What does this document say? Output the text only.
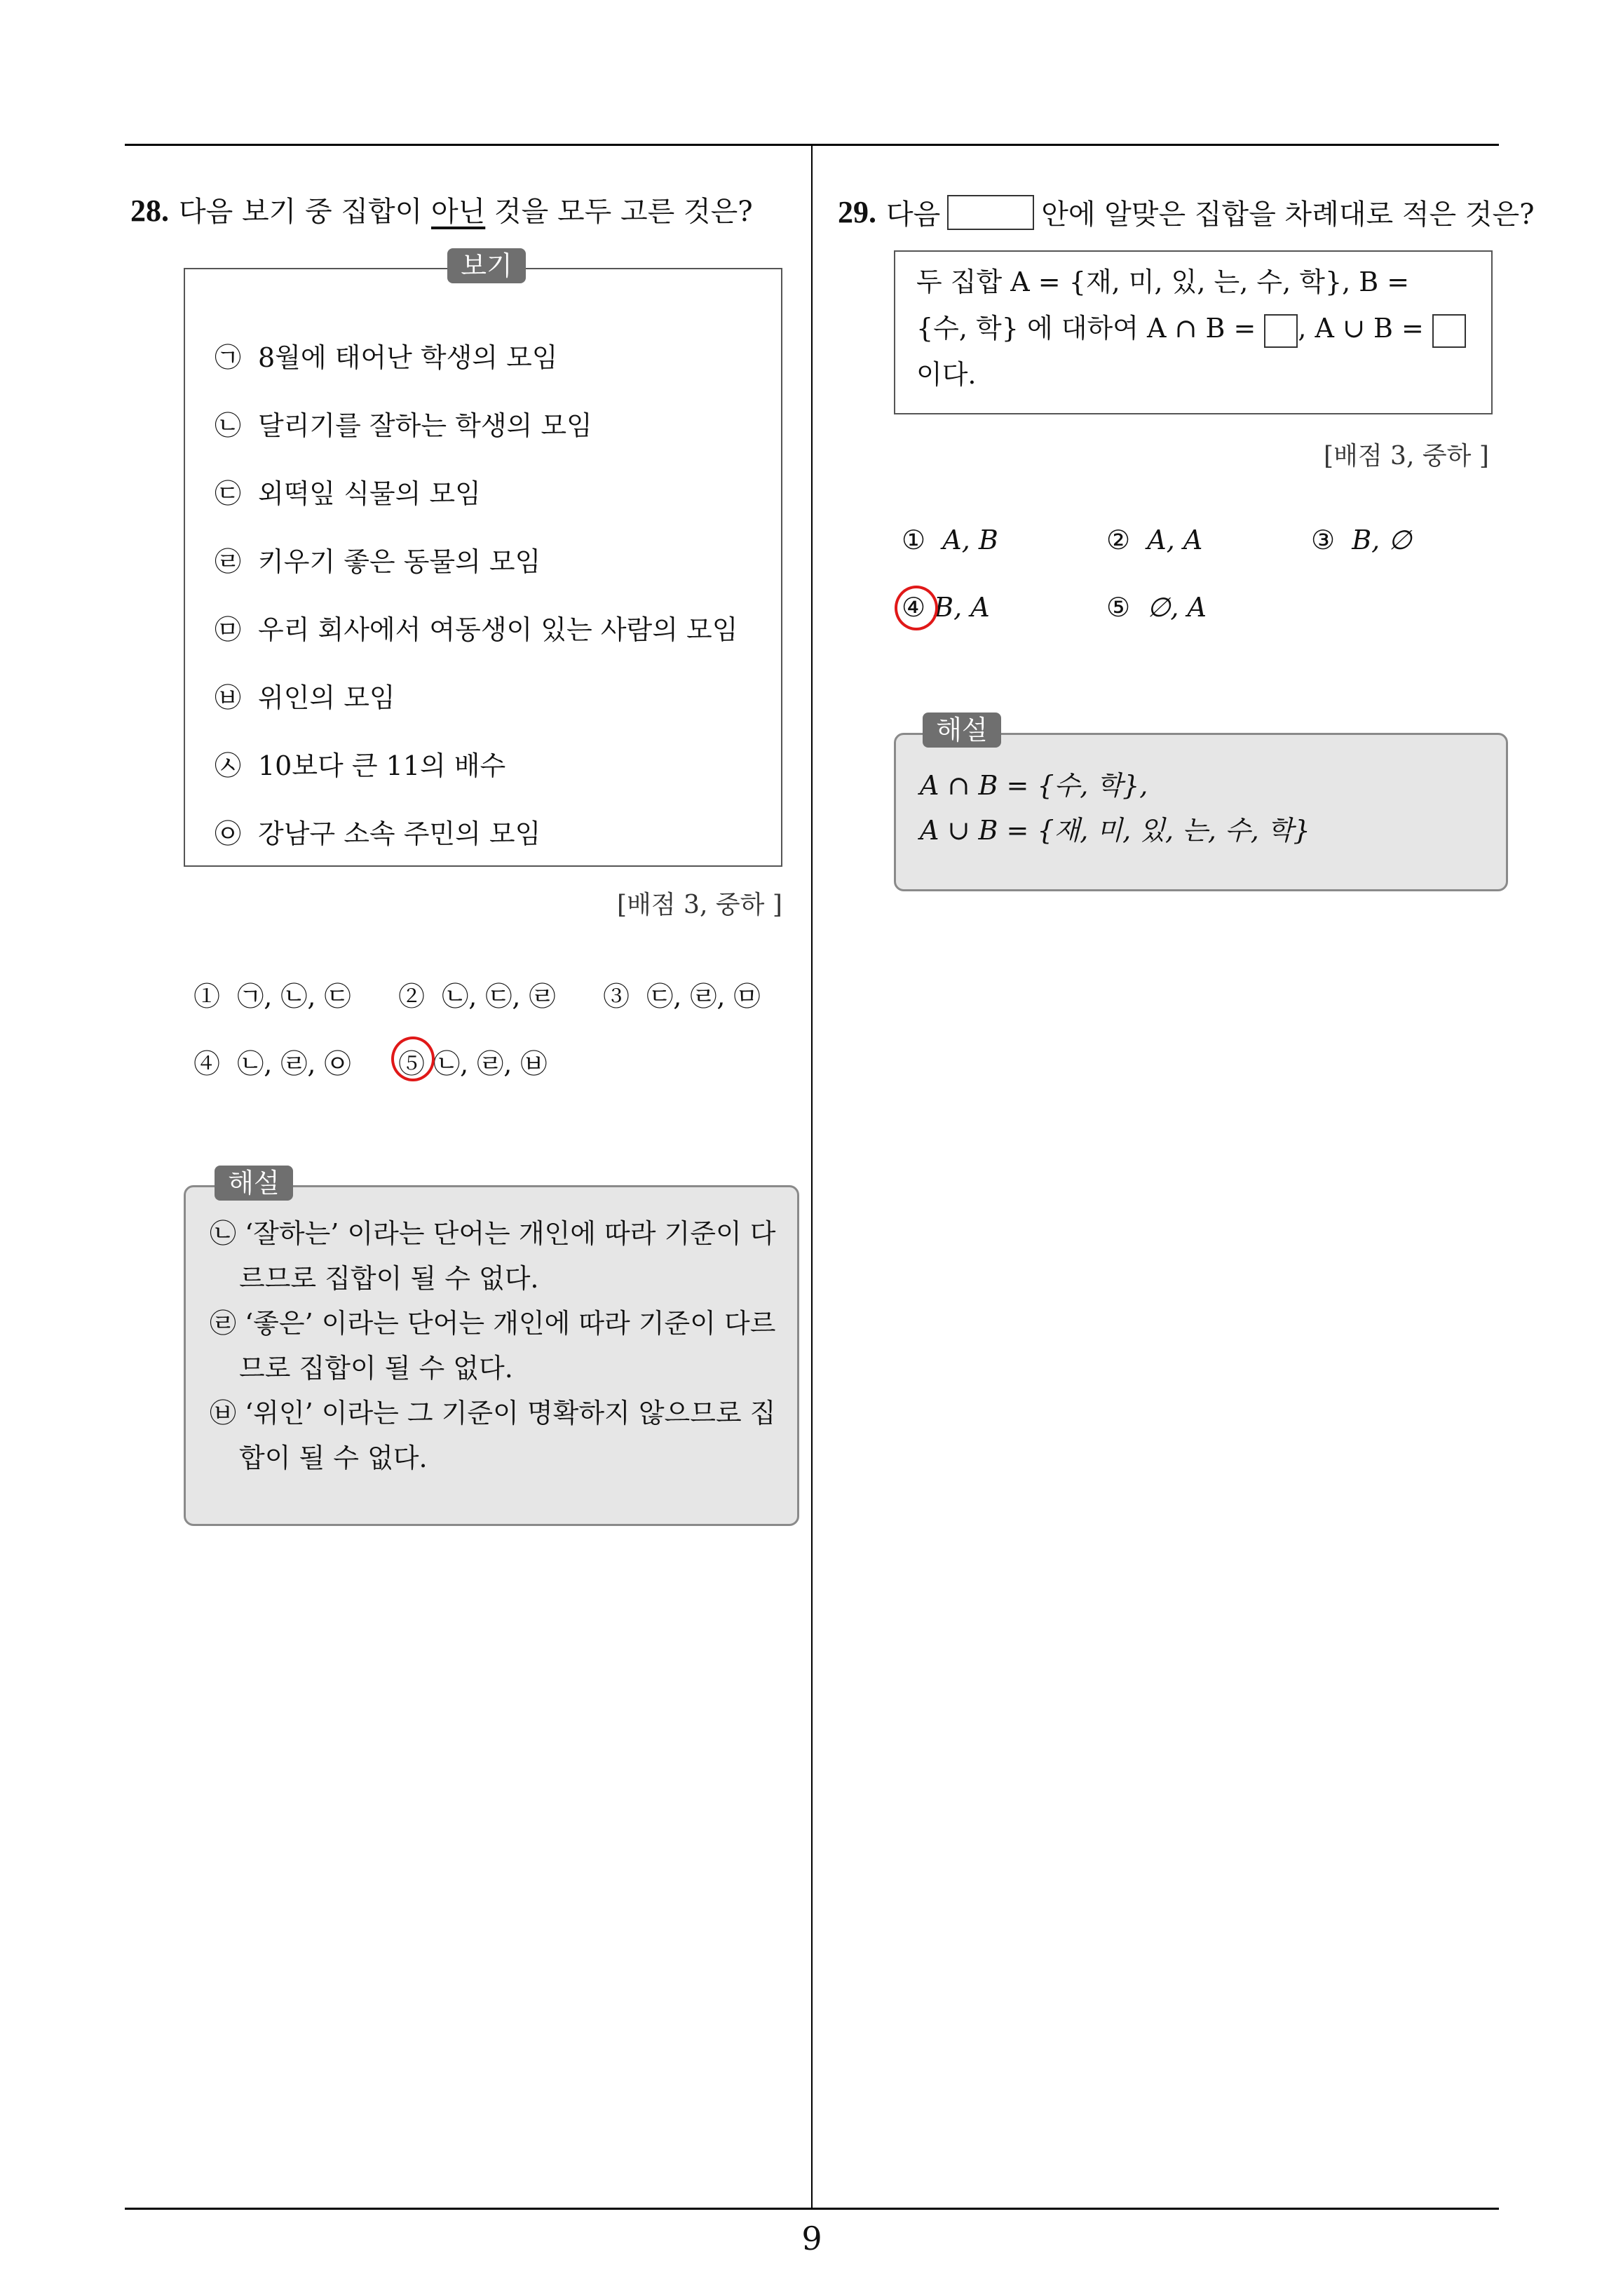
28. 다음 보기 중 집합이 아닌 것을 모두 고른 것은?
보기
㉠ 8월에 태어난 학생의 모임
㉡ 달리기를 잘하는 학생의 모임
㉢ 외떡잎 식물의 모임
㉣ 키우기 좋은 동물의 모임
㉤ 우리 회사에서 여동생이 있는 사람의 모임
㉥ 위인의 모임
㉦ 10보다 큰 11의 배수
㉧ 강남구 소속 주민의 모임
[배점 3, 중하 ]
① ㉠, ㉡, ㉢ ② ㉡, ㉢, ㉣ ③ ㉢, ㉣, ㉤
④ ㉡, ㉣, ㉧ ⑤ ㉡, ㉣, ㉥
㉡ ‘잘하는’ 이라는 단어는 개인에 따라 기준이 다
르므로 집합이 될 수 없다.
㉣ ‘좋은’ 이라는 단어는 개인에 따라 기준이 다르
므로 집합이 될 수 없다.
㉥ ‘위인’ 이라는 그 기준이 명확하지 않으므로 집
합이 될 수 없다.
해설
29. 다음	안에 알맞은 집합을 차례대로 적은 것은?
두 집합 A = {재, 미, 있, 는, 수, 학}, B =
{수, 학} 에 대하여 A ∩ B = , A ∪ B =
이다.
[배점 3, 중하 ]
① A, B	② A, A	③ B, ∅
④ B, A	⑤ ∅, A
A ∩ B = {수, 학},
A ∪ B = {재, 미, 있, 는, 수, 학}
해설
9
